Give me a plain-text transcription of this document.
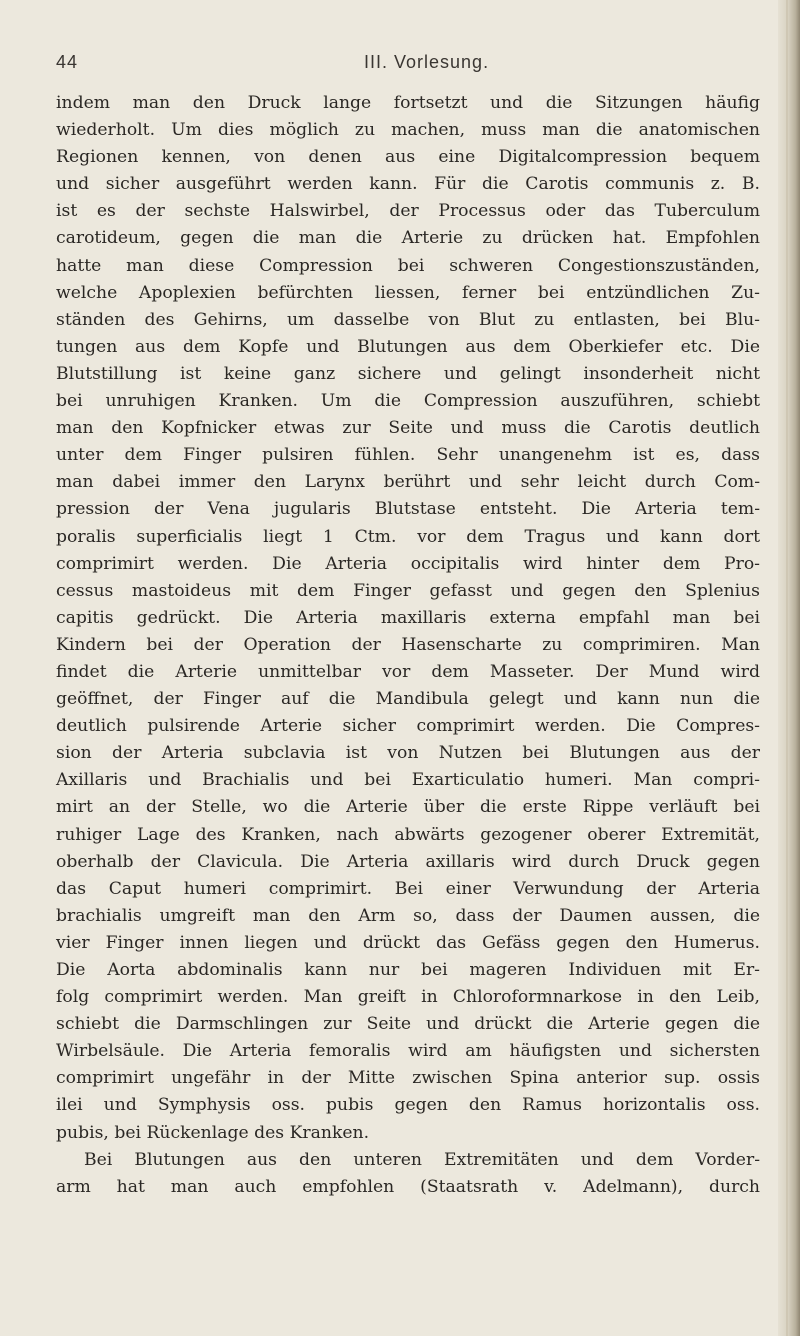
44	III. Vorlesung.
indem man den Druck lange fortsetzt und die Sitzungen häufig
wiederholt. Um dies möglich zu machen, muss man die anatomischen
Regionen kennen, von denen aus eine Digitalcompression bequem
und sicher ausgeführt werden kann. Für die Carotis communis z. B.
ist es der sechste Halswirbel, der Processus oder das Tuberculum
carotideum, gegen die man die Arterie zu drücken hat. Empfohlen
hatte man diese Compression bei schweren Congestionszuständen,
welche Apoplexien befürchten liessen, ferner bei entzündlichen Zu-
ständen des Gehirns, um dasselbe von Blut zu entlasten, bei Blu-
tungen aus dem Kopfe und Blutungen aus dem Oberkiefer etc. Die
Blutstillung ist keine ganz sichere und gelingt insonderheit nicht
bei unruhigen Kranken. Um die Compression auszuführen, schiebt
man den Kopfnicker etwas zur Seite und muss die Carotis deutlich
unter dem Finger pulsiren fühlen. Sehr unangenehm ist es, dass
man dabei immer den Larynx berührt und sehr leicht durch Com-
pression der Vena jugularis Blutstase entsteht. Die Arteria tem-
poralis superficialis liegt 1 Ctm. vor dem Tragus und kann dort
comprimirt werden. Die Arteria occipitalis wird hinter dem Pro-
cessus mastoideus mit dem Finger gefasst und gegen den Splenius
capitis gedrückt. Die Arteria maxillaris externa empfahl man bei
Kindern bei der Operation der Hasenscharte zu comprimiren. Man
findet die Arterie unmittelbar vor dem Masseter. Der Mund wird
geöffnet, der Finger auf die Mandibula gelegt und kann nun die
deutlich pulsirende Arterie sicher comprimirt werden. Die Compres-
sion der Arteria subclavia ist von Nutzen bei Blutungen aus der
Axillaris und Brachialis und bei Exarticulatio humeri. Man compri-
mirt an der Stelle, wo die Arterie über die erste Rippe verläuft bei
ruhiger Lage des Kranken, nach abwärts gezogener oberer Extremität,
oberhalb der Clavicula. Die Arteria axillaris wird durch Druck gegen
das Caput humeri comprimirt. Bei einer Verwundung der Arteria
brachialis umgreift man den Arm so, dass der Daumen aussen, die
vier Finger innen liegen und drückt das Gefäss gegen den Humerus.
Die Aorta abdominalis kann nur bei mageren Individuen mit Er-
folg comprimirt werden. Man greift in Chloroformnarkose in den Leib,
schiebt die Darmschlingen zur Seite und drückt die Arterie gegen die
Wirbelsäule. Die Arteria femoralis wird am häufigsten und sichersten
comprimirt ungefähr in der Mitte zwischen Spina anterior sup. ossis
ilei und Symphysis oss. pubis gegen den Ramus horizontalis oss.
pubis, bei Rückenlage des Kranken.
Bei Blutungen aus den unteren Extremitäten und dem Vorder-
arm hat man auch empfohlen (Staatsrath v. Adelmann), durch
